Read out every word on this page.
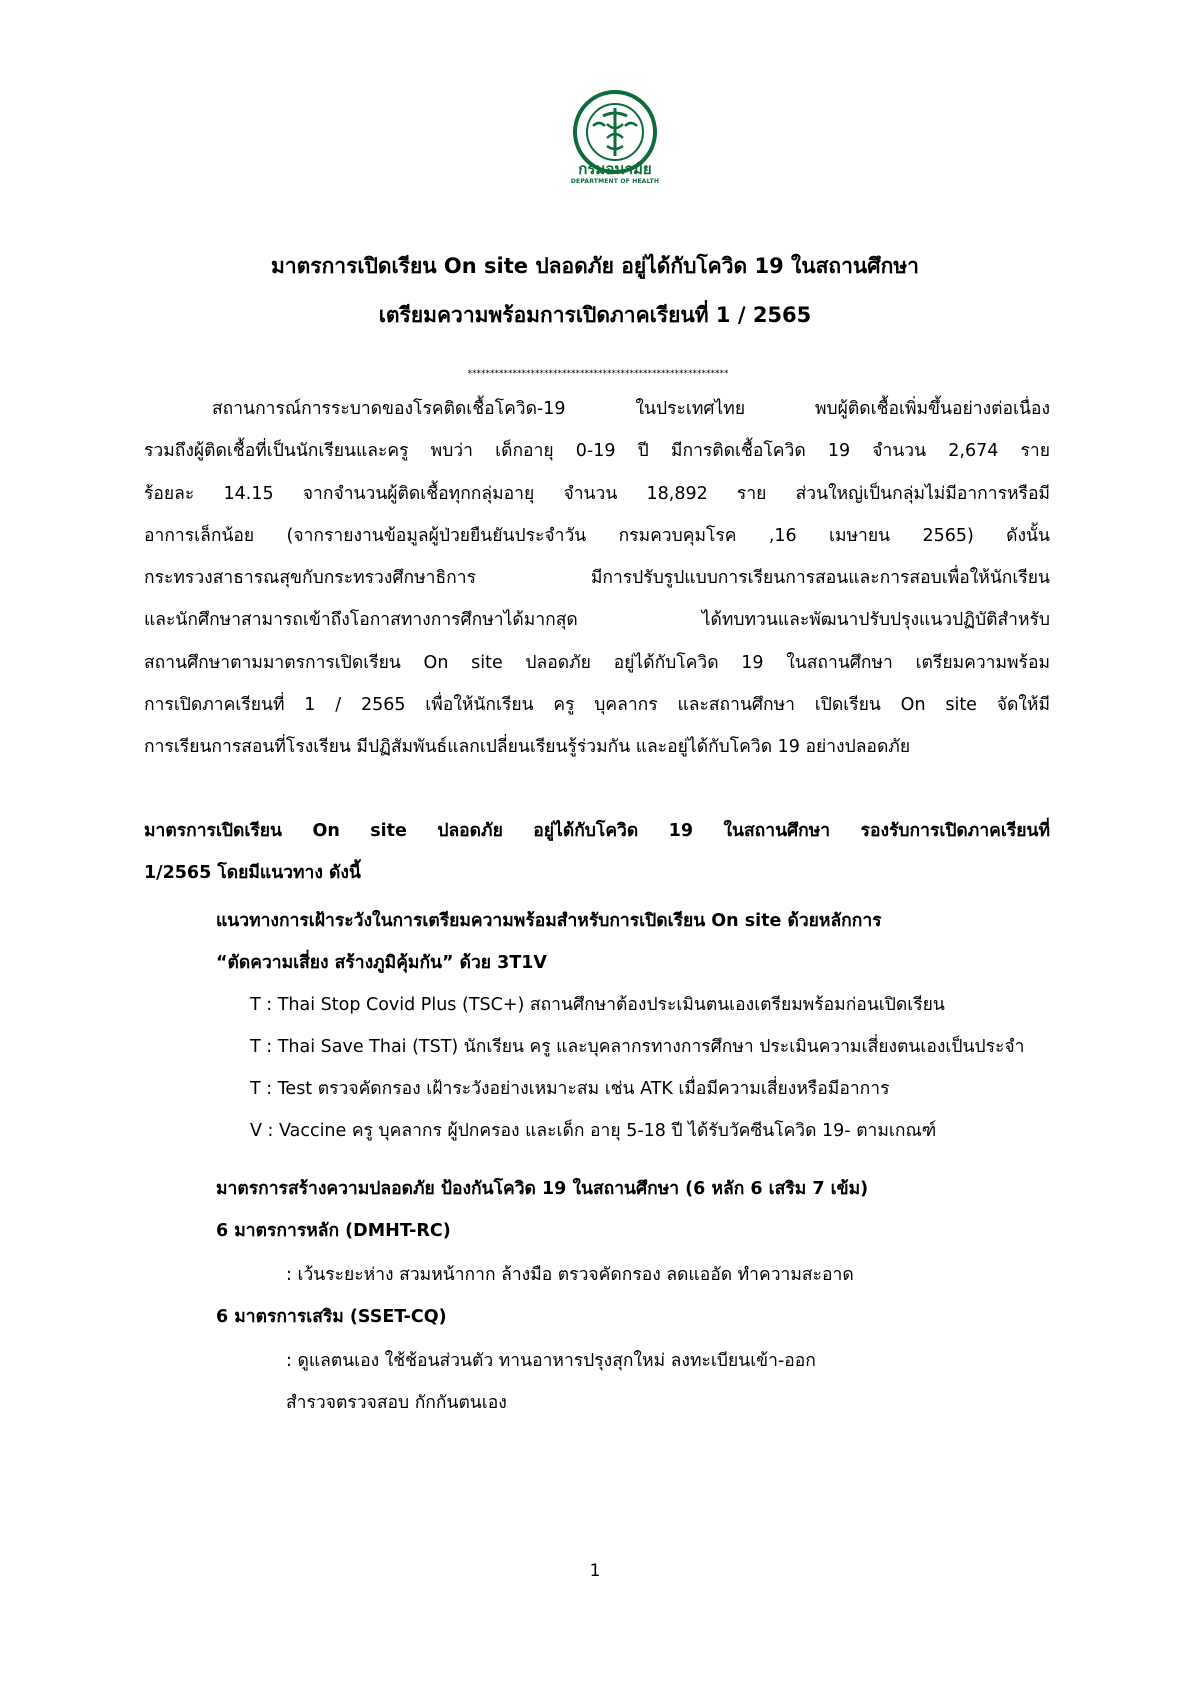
กรมอนามัย
DEPARTMENT OF HEALTH
มาตรการเปิดเรียน On site ปลอดภัย อยู่ได้กับโควิด 19 ในสถานศึกษา
เตรียมความพร้อมการเปิดภาคเรียนที่ 1 / 2565
**********************************************************
สถานการณ์การระบาดของโรคติดเชื้อโควิด-19 ในประเทศไทย พบผู้ติดเชื้อเพิ่มขึ้นอย่างต่อเนื่อง
รวมถึงผู้ติดเชื้อที่เป็นนักเรียนและครู พบว่า เด็กอายุ 0-19 ปี มีการติดเชื้อโควิด 19 จำนวน 2,674 ราย
ร้อยละ 14.15 จากจำนวนผู้ติดเชื้อทุกกลุ่มอายุ จำนวน 18,892 ราย ส่วนใหญ่เป็นกลุ่มไม่มีอาการหรือมี
อาการเล็กน้อย (จากรายงานข้อมูลผู้ป่วยยืนยันประจำวัน กรมควบคุมโรค ,16 เมษายน 2565) ดังนั้น
กระทรวงสาธารณสุขกับกระทรวงศึกษาธิการ มีการปรับรูปแบบการเรียนการสอนและการสอบเพื่อให้นักเรียน
และนักศึกษาสามารถเข้าถึงโอกาสทางการศึกษาได้มากสุด ได้ทบทวนและพัฒนาปรับปรุงแนวปฏิบัติสำหรับ
สถานศึกษาตามมาตรการเปิดเรียน On site ปลอดภัย อยู่ได้กับโควิด 19 ในสถานศึกษา เตรียมความพร้อม
การเปิดภาคเรียนที่ 1 / 2565 เพื่อให้นักเรียน ครู บุคลากร และสถานศึกษา เปิดเรียน On site จัดให้มี
การเรียนการสอนที่โรงเรียน มีปฏิสัมพันธ์แลกเปลี่ยนเรียนรู้ร่วมกัน และอยู่ได้กับโควิด 19 อย่างปลอดภัย
มาตรการเปิดเรียน On site ปลอดภัย อยู่ได้กับโควิด 19 ในสถานศึกษา รองรับการเปิดภาคเรียนที่
1/2565 โดยมีแนวทาง ดังนี้
แนวทางการเฝ้าระวังในการเตรียมความพร้อมสำหรับการเปิดเรียน On site ด้วยหลักการ
“ตัดความเสี่ยง สร้างภูมิคุ้มกัน” ด้วย 3T1V
T : Thai Stop Covid Plus (TSC+) สถานศึกษาต้องประเมินตนเองเตรียมพร้อมก่อนเปิดเรียน
T : Thai Save Thai (TST) นักเรียน ครู และบุคลากรทางการศึกษา ประเมินความเสี่ยงตนเองเป็นประจำ
T : Test ตรวจคัดกรอง เฝ้าระวังอย่างเหมาะสม เช่น ATK เมื่อมีความเสี่ยงหรือมีอาการ
V : Vaccine ครู บุคลากร ผู้ปกครอง และเด็ก อายุ 5-18 ปี ได้รับวัคซีนโควิด 19- ตามเกณฑ์
มาตรการสร้างความปลอดภัย ป้องกันโควิด 19 ในสถานศึกษา (6 หลัก 6 เสริม 7 เข้ม)
6 มาตรการหลัก (DMHT-RC)
: เว้นระยะห่าง สวมหน้ากาก ล้างมือ ตรวจคัดกรอง ลดแออัด ทำความสะอาด
6 มาตรการเสริม (SSET-CQ)
: ดูแลตนเอง ใช้ช้อนส่วนตัว ทานอาหารปรุงสุกใหม่ ลงทะเบียนเข้า-ออก
สำรวจตรวจสอบ กักกันตนเอง
1
